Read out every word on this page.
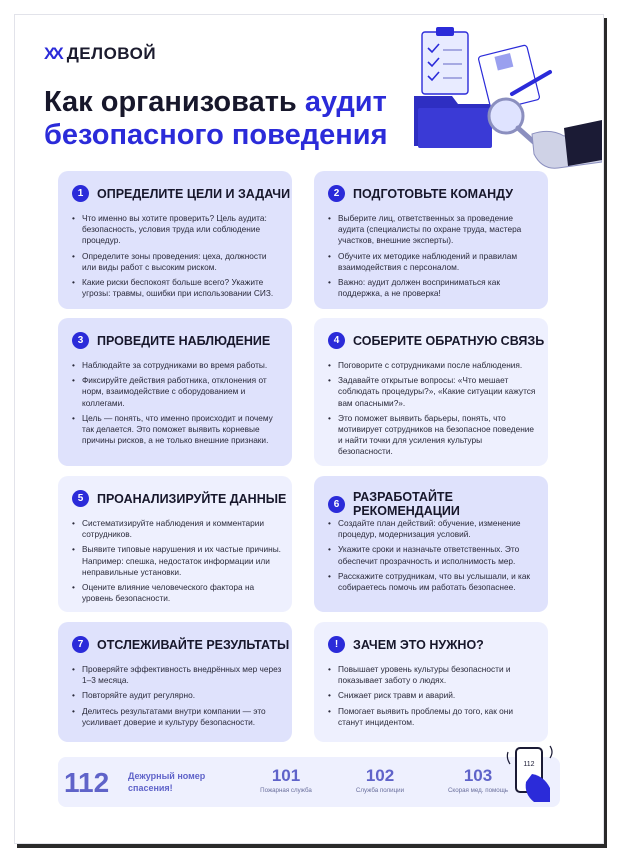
XX ДЕЛОВОЙ
Как организовать аудит
безопасного поведения
1	ОПРЕДЕЛИТЕ ЦЕЛИ И ЗАДАЧИ
• Что именно вы хотите проверить? Цель аудита: безопасность, условия труда или соблюдение процедур.
• Определите зоны проведения: цеха, должности или виды работ с высоким риском.
• Какие риски беспокоят больше всего? Укажите угрозы: травмы, ошибки при использовании СИЗ.
2	ПОДГОТОВЬТЕ КОМАНДУ
• Выберите лиц, ответственных за проведение аудита (специалисты по охране труда, мастера участков, внешние эксперты).
• Обучите их методике наблюдений и правилам взаимодействия с персоналом.
• Важно: аудит должен восприниматься как поддержка, а не проверка!
3	ПРОВЕДИТЕ НАБЛЮДЕНИЕ
• Наблюдайте за сотрудниками во время работы.
• Фиксируйте действия работника, отклонения от норм, взаимодействие с оборудованием и коллегами.
• Цель — понять, что именно происходит и почему так делается. Это поможет выявить корневые причины рисков, а не только внешние признаки.
4	СОБЕРИТЕ ОБРАТНУЮ СВЯЗЬ
• Поговорите с сотрудниками после наблюдения.
• Задавайте открытые вопросы: «Что мешает соблюдать процедуры?», «Какие ситуации кажутся вам опасными?».
• Это поможет выявить барьеры, понять, что мотивирует сотрудников на безопасное поведение и найти точки для усиления культуры безопасности.
5	ПРОАНАЛИЗИРУЙТЕ ДАННЫЕ
• Систематизируйте наблюдения и комментарии сотрудников.
• Выявите типовые нарушения и их частые причины. Например: спешка, недостаток информации или неправильные установки.
• Оцените влияние человеческого фактора на уровень безопасности.
6	РАЗРАБОТАЙТЕ РЕКОМЕНДАЦИИ
• Создайте план действий: обучение, изменение процедур, модернизация условий.
• Укажите сроки и назначьте ответственных. Это обеспечит прозрачность и исполнимость мер.
• Расскажите сотрудникам, что вы услышали, и как собираетесь помочь им работать безопаснее.
7	ОТСЛЕЖИВАЙТЕ РЕЗУЛЬТАТЫ
• Проверяйте эффективность внедрённых мер через 1–3 месяца.
• Повторяйте аудит регулярно.
• Делитесь результатами внутри компании — это усиливает доверие и культуру безопасности.
!	ЗАЧЕМ ЭТО НУЖНО?
• Повышает уровень культуры безопасности и показывает заботу о людях.
• Снижает риск травм и аварий.
• Помогает выявить проблемы до того, как они станут инцидентом.
112 Дежурный номер спасения!
101
Пожарная служба
102
Служба полиции
103
Скорая мед. помощь
112
